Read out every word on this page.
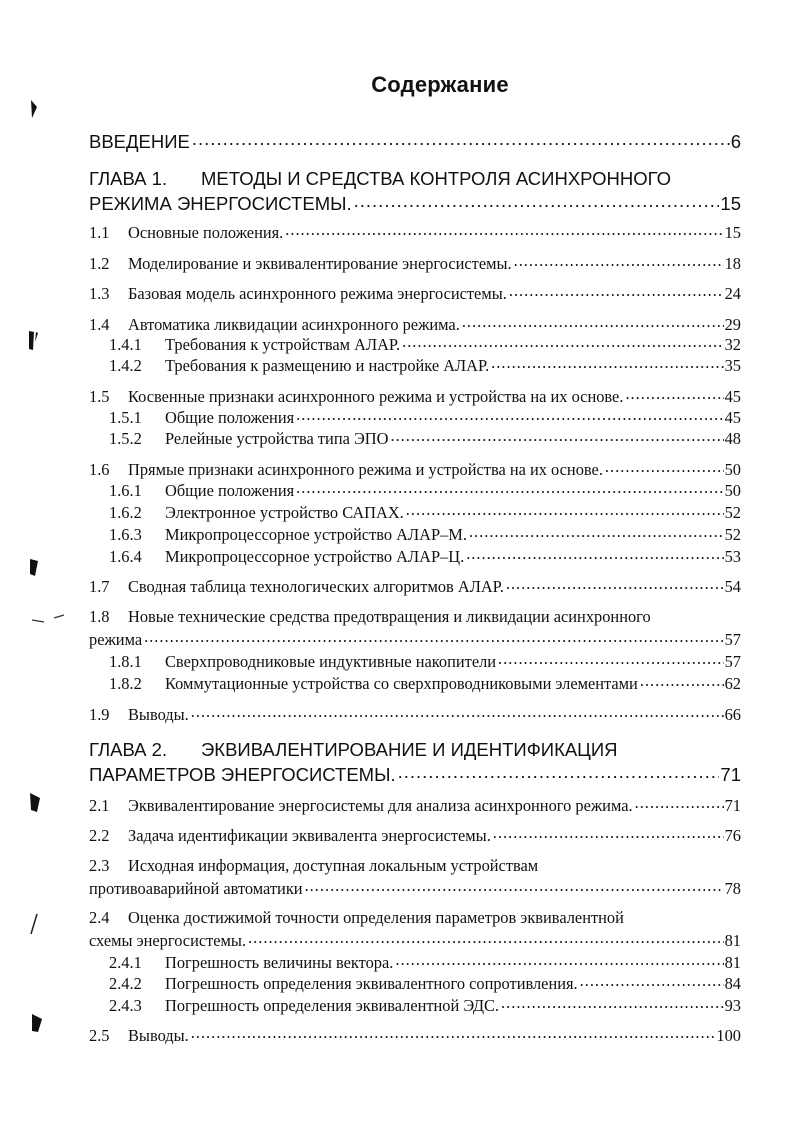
Содержание
ВВЕДЕНИЕ .....	6
ГЛАВА 1. МЕТОДЫ И СРЕДСТВА КОНТРОЛЯ АСИНХРОННОГО
РЕЖИМА ЭНЕРГОСИСТЕМЫ. .....	15
1.1	Основные положения. .....	15
1.2	Моделирование и эквивалентирование энергосистемы. .....	18
1.3	Базовая модель асинхронного режима энергосистемы. .....	24
1.4	Автоматика ликвидации асинхронного режима. .....	29
1.4.1	Требования к устройствам АЛАР. .....	32
1.4.2	Требования к размещению и настройке АЛАР. .....	35
1.5	Косвенные признаки асинхронного режима и устройства на их основе. .....	45
1.5.1	Общие положения .....	45
1.5.2	Релейные устройства типа ЭПО .....	48
1.6	Прямые признаки асинхронного режима и устройства на их основе. .....	50
1.6.1	Общие положения .....	50
1.6.2	Электронное устройство САПАХ. .....	52
1.6.3	Микропроцессорное устройство АЛАР–М. .....	52
1.6.4	Микропроцессорное устройство АЛАР–Ц. .....	53
1.7	Сводная таблица технологических алгоритмов АЛАР. .....	54
1.8 Новые технические средства предотвращения и ликвидации асинхронного
режима .....	57
1.8.1	Сверхпроводниковые индуктивные накопители .....	57
1.8.2	Коммутационные устройства со сверхпроводниковыми элементами .....	62
1.9	Выводы. .....	66
ГЛАВА 2. ЭКВИВАЛЕНТИРОВАНИЕ И ИДЕНТИФИКАЦИЯ
ПАРАМЕТРОВ ЭНЕРГОСИСТЕМЫ. .....	71
2.1	Эквивалентирование энергосистемы для анализа асинхронного режима. .....	71
2.2	Задача идентификации эквивалента энергосистемы. .....	76
2.3 Исходная информация, доступная локальным устройствам
противоаварийной автоматики .....	78
2.4 Оценка достижимой точности определения параметров эквивалентной
схемы энергосистемы. .....	81
2.4.1	Погрешность величины вектора. .....	81
2.4.2	Погрешность определения эквивалентного сопротивления. .....	84
2.4.3	Погрешность определения эквивалентной ЭДС. .....	93
2.5	Выводы. .....	100
